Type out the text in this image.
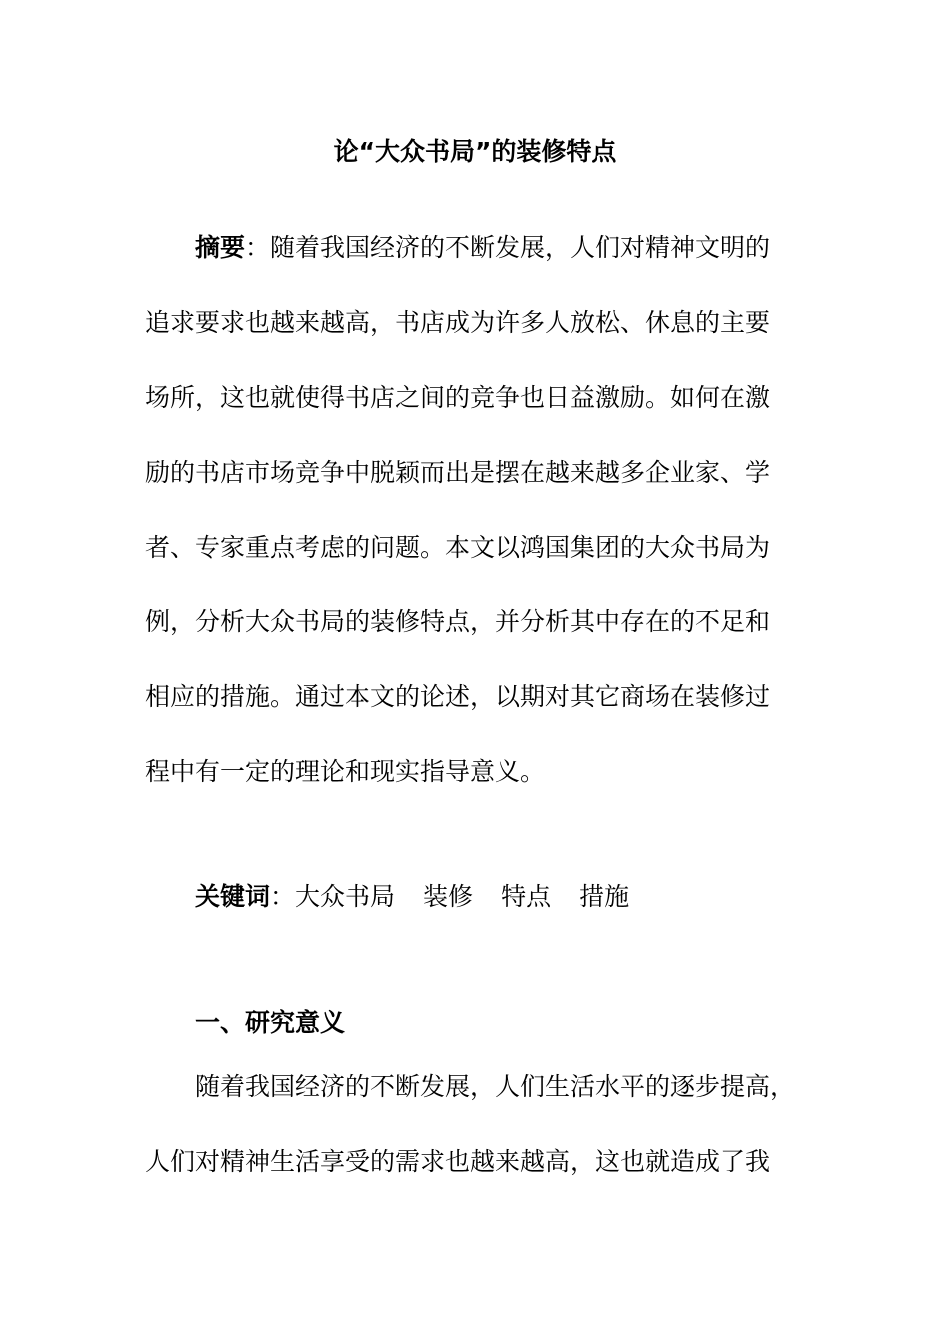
论“大众书局”的装修特点
摘要：随着我国经济的不断发展，人们对精神文明的
追求要求也越来越高，书店成为许多人放松、休息的主要
场所，这也就使得书店之间的竞争也日益激励。如何在激
励的书店市场竞争中脱颖而出是摆在越来越多企业家、学
者、专家重点考虑的问题。本文以鸿国集团的大众书局为
例，分析大众书局的装修特点，并分析其中存在的不足和
相应的措施。通过本文的论述，以期对其它商场在装修过
程中有一定的理论和现实指导意义。
关键词：大众书局 装修 特点 措施
一、研究意义
随着我国经济的不断发展，人们生活水平的逐步提高，
人们对精神生活享受的需求也越来越高，这也就造成了我
